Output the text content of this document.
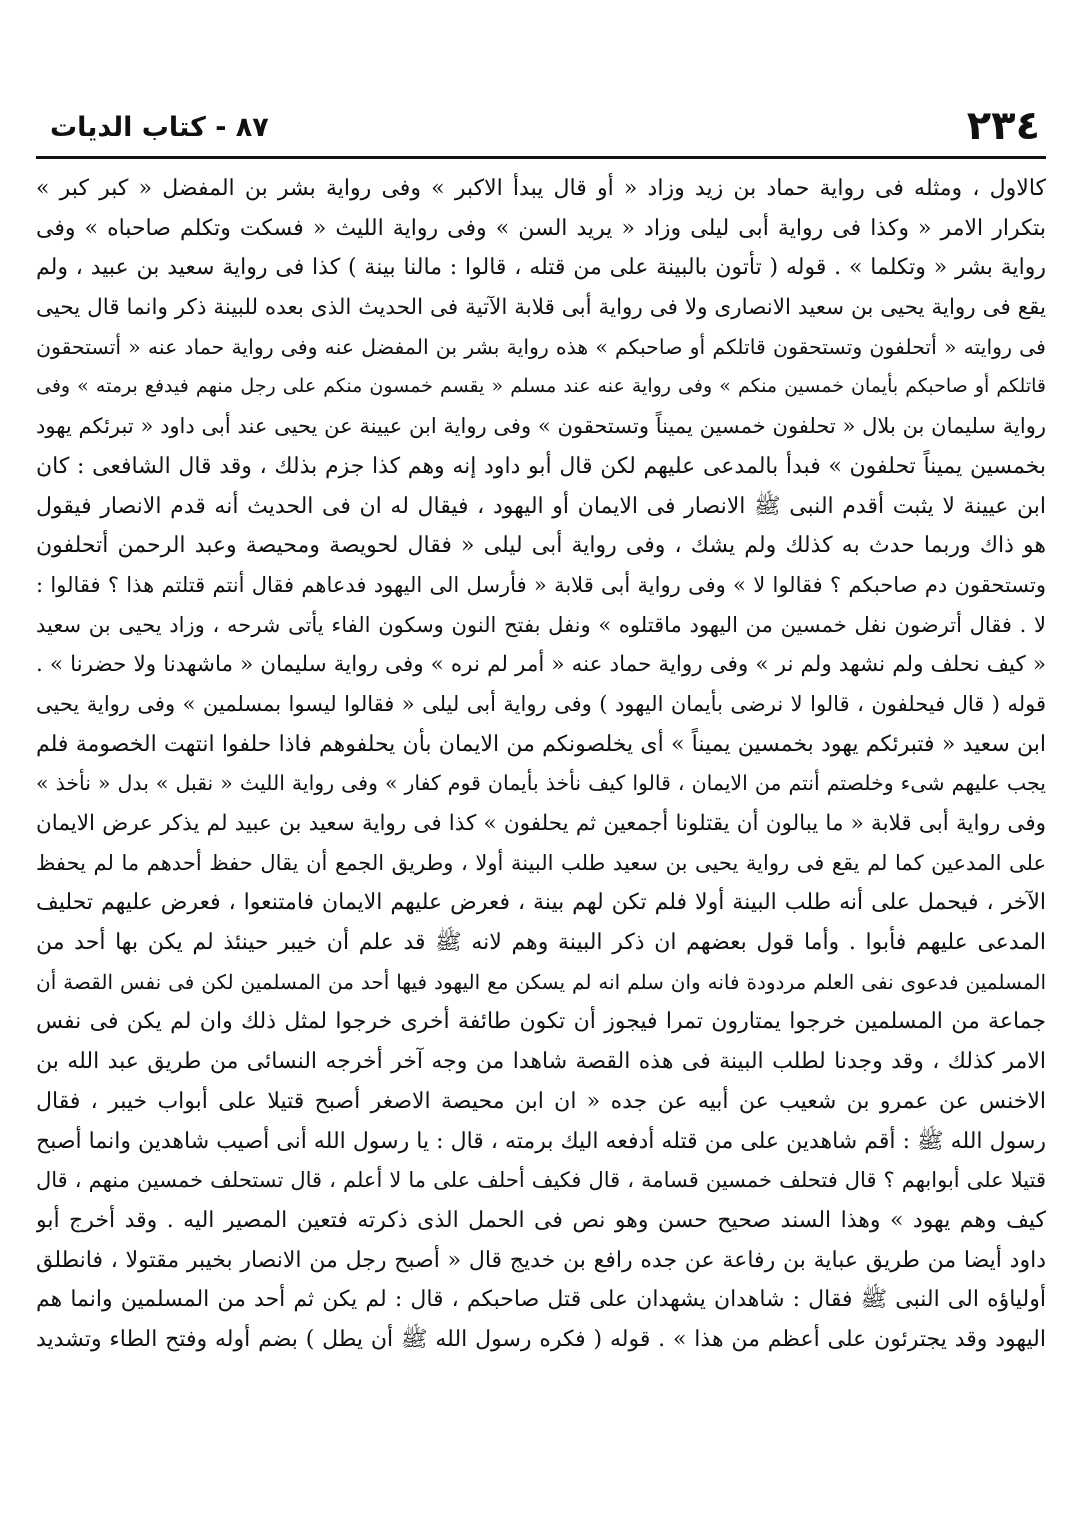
٢٣٤
٨٧ - كتاب الديات
كالاول ، ومثله فى رواية حماد بن زيد وزاد « أو قال يبدأ الاكبر » وفى رواية بشر بن المفضل « كبر كبر »
بتكرار الامر « وكذا فى رواية أبى ليلى وزاد « يريد السن » وفى رواية الليث « فسكت وتكلم صاحباه » وفى
رواية بشر « وتكلما » . قوله ( تأتون بالبينة على من قتله ، قالوا : مالنا بينة ) كذا فى رواية سعيد بن عبيد ، ولم
يقع فى رواية يحيى بن سعيد الانصارى ولا فى رواية أبى قلابة الآتية فى الحديث الذى بعده للبينة ذكر وانما قال يحيى
فى روايته « أتحلفون وتستحقون قاتلكم أو صاحبكم » هذه رواية بشر بن المفضل عنه وفى رواية حماد عنه « أتستحقون
قاتلكم أو صاحبكم بأيمان خمسين منكم » وفى رواية عنه عند مسلم « يقسم خمسون منكم على رجل منهم فيدفع برمته » وفى
رواية سليمان بن بلال « تحلفون خمسين يميناً وتستحقون » وفى رواية ابن عيينة عن يحيى عند أبى داود « تبرئكم يهود
بخمسين يميناً تحلفون » فبدأ بالمدعى عليهم لكن قال أبو داود إنه وهم كذا جزم بذلك ، وقد قال الشافعى : كان
ابن عيينة لا يثبت أقدم النبى ﷺ الانصار فى الايمان أو اليهود ، فيقال له ان فى الحديث أنه قدم الانصار فيقول
هو ذاك وربما حدث به كذلك ولم يشك ، وفى رواية أبى ليلى « فقال لحويصة ومحيصة وعبد الرحمن أتحلفون
وتستحقون دم صاحبكم ؟ فقالوا لا » وفى رواية أبى قلابة « فأرسل الى اليهود فدعاهم فقال أنتم قتلتم هذا ؟ فقالوا :
لا . فقال أترضون نفل خمسين من اليهود ماقتلوه » ونفل بفتح النون وسكون الفاء يأتى شرحه ، وزاد يحيى بن سعيد
« كيف نحلف ولم نشهد ولم نر » وفى رواية حماد عنه « أمر لم نره » وفى رواية سليمان « ماشهدنا ولا حضرنا » .
قوله ( قال فيحلفون ، قالوا لا نرضى بأيمان اليهود ) وفى رواية أبى ليلى « فقالوا ليسوا بمسلمين » وفى رواية يحيى
ابن سعيد « فتبرئكم يهود بخمسين يميناً » أى يخلصونكم من الايمان بأن يحلفوهم فاذا حلفوا انتهت الخصومة فلم
يجب عليهم شىء وخلصتم أنتم من الايمان ، قالوا كيف نأخذ بأيمان قوم كفار » وفى رواية الليث « نقبل » بدل « نأخذ »
وفى رواية أبى قلابة « ما يبالون أن يقتلونا أجمعين ثم يحلفون » كذا فى رواية سعيد بن عبيد لم يذكر عرض الايمان
على المدعين كما لم يقع فى رواية يحيى بن سعيد طلب البينة أولا ، وطريق الجمع أن يقال حفظ أحدهم ما لم يحفظ
الآخر ، فيحمل على أنه طلب البينة أولا فلم تكن لهم بينة ، فعرض عليهم الايمان فامتنعوا ، فعرض عليهم تحليف
المدعى عليهم فأبوا . وأما قول بعضهم ان ذكر البينة وهم لانه ﷺ قد علم أن خيبر حينئذ لم يكن بها أحد من
المسلمين فدعوى نفى العلم مردودة فانه وان سلم انه لم يسكن مع اليهود فيها أحد من المسلمين لكن فى نفس القصة أن
جماعة من المسلمين خرجوا يمتارون تمرا فيجوز أن تكون طائفة أخرى خرجوا لمثل ذلك وان لم يكن فى نفس
الامر كذلك ، وقد وجدنا لطلب البينة فى هذه القصة شاهدا من وجه آخر أخرجه النسائى من طريق عبد الله بن
الاخنس عن عمرو بن شعيب عن أبيه عن جده « ان ابن محيصة الاصغر أصبح قتيلا على أبواب خيبر ، فقال
رسول الله ﷺ : أقم شاهدين على من قتله أدفعه اليك برمته ، قال : يا رسول الله أنى أصيب شاهدين وانما أصبح
قتيلا على أبوابهم ؟ قال فتحلف خمسين قسامة ، قال فكيف أحلف على ما لا أعلم ، قال تستحلف خمسين منهم ، قال
كيف وهم يهود » وهذا السند صحيح حسن وهو نص فى الحمل الذى ذكرته فتعين المصير اليه . وقد أخرج أبو
داود أيضا من طريق عباية بن رفاعة عن جده رافع بن خديج قال « أصبح رجل من الانصار بخيبر مقتولا ، فانطلق
أولياؤه الى النبى ﷺ فقال : شاهدان يشهدان على قتل صاحبكم ، قال : لم يكن ثم أحد من المسلمين وانما هم
اليهود وقد يجترئون على أعظم من هذا » . قوله ( فكره رسول الله ﷺ أن يطل ) بضم أوله وفتح الطاء وتشديد
